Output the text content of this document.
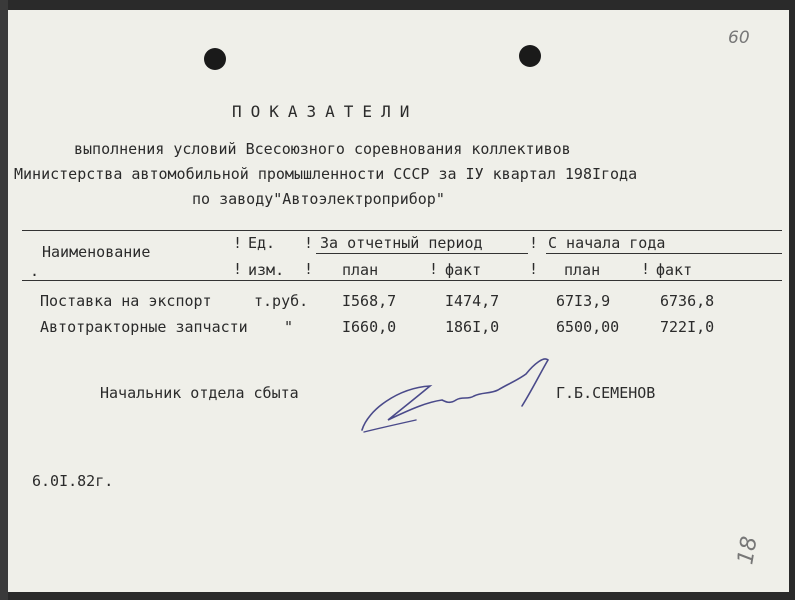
60
ПОКАЗАТЕЛИ
выполнения условий Всесоюзного соревнования коллективов
Министерства автомобильной промышленности СССР за IУ квартал 198Iгода
по заводу"Автоэлектроприбор"
Наименование	! Ед. ! За отчетный период	! С начала года
.	! изм. ! план	! факт	! план	! факт
Поставка на экспорт	т.руб. I568,7	I474,7	67I3,9	6736,8
Автотракторные запчасти "	I660,0	186I,0	6500,00	722I,0
Начальник отдела сбыта	Г.Б.СЕМЕНОВ
6.0I.82г.
18
